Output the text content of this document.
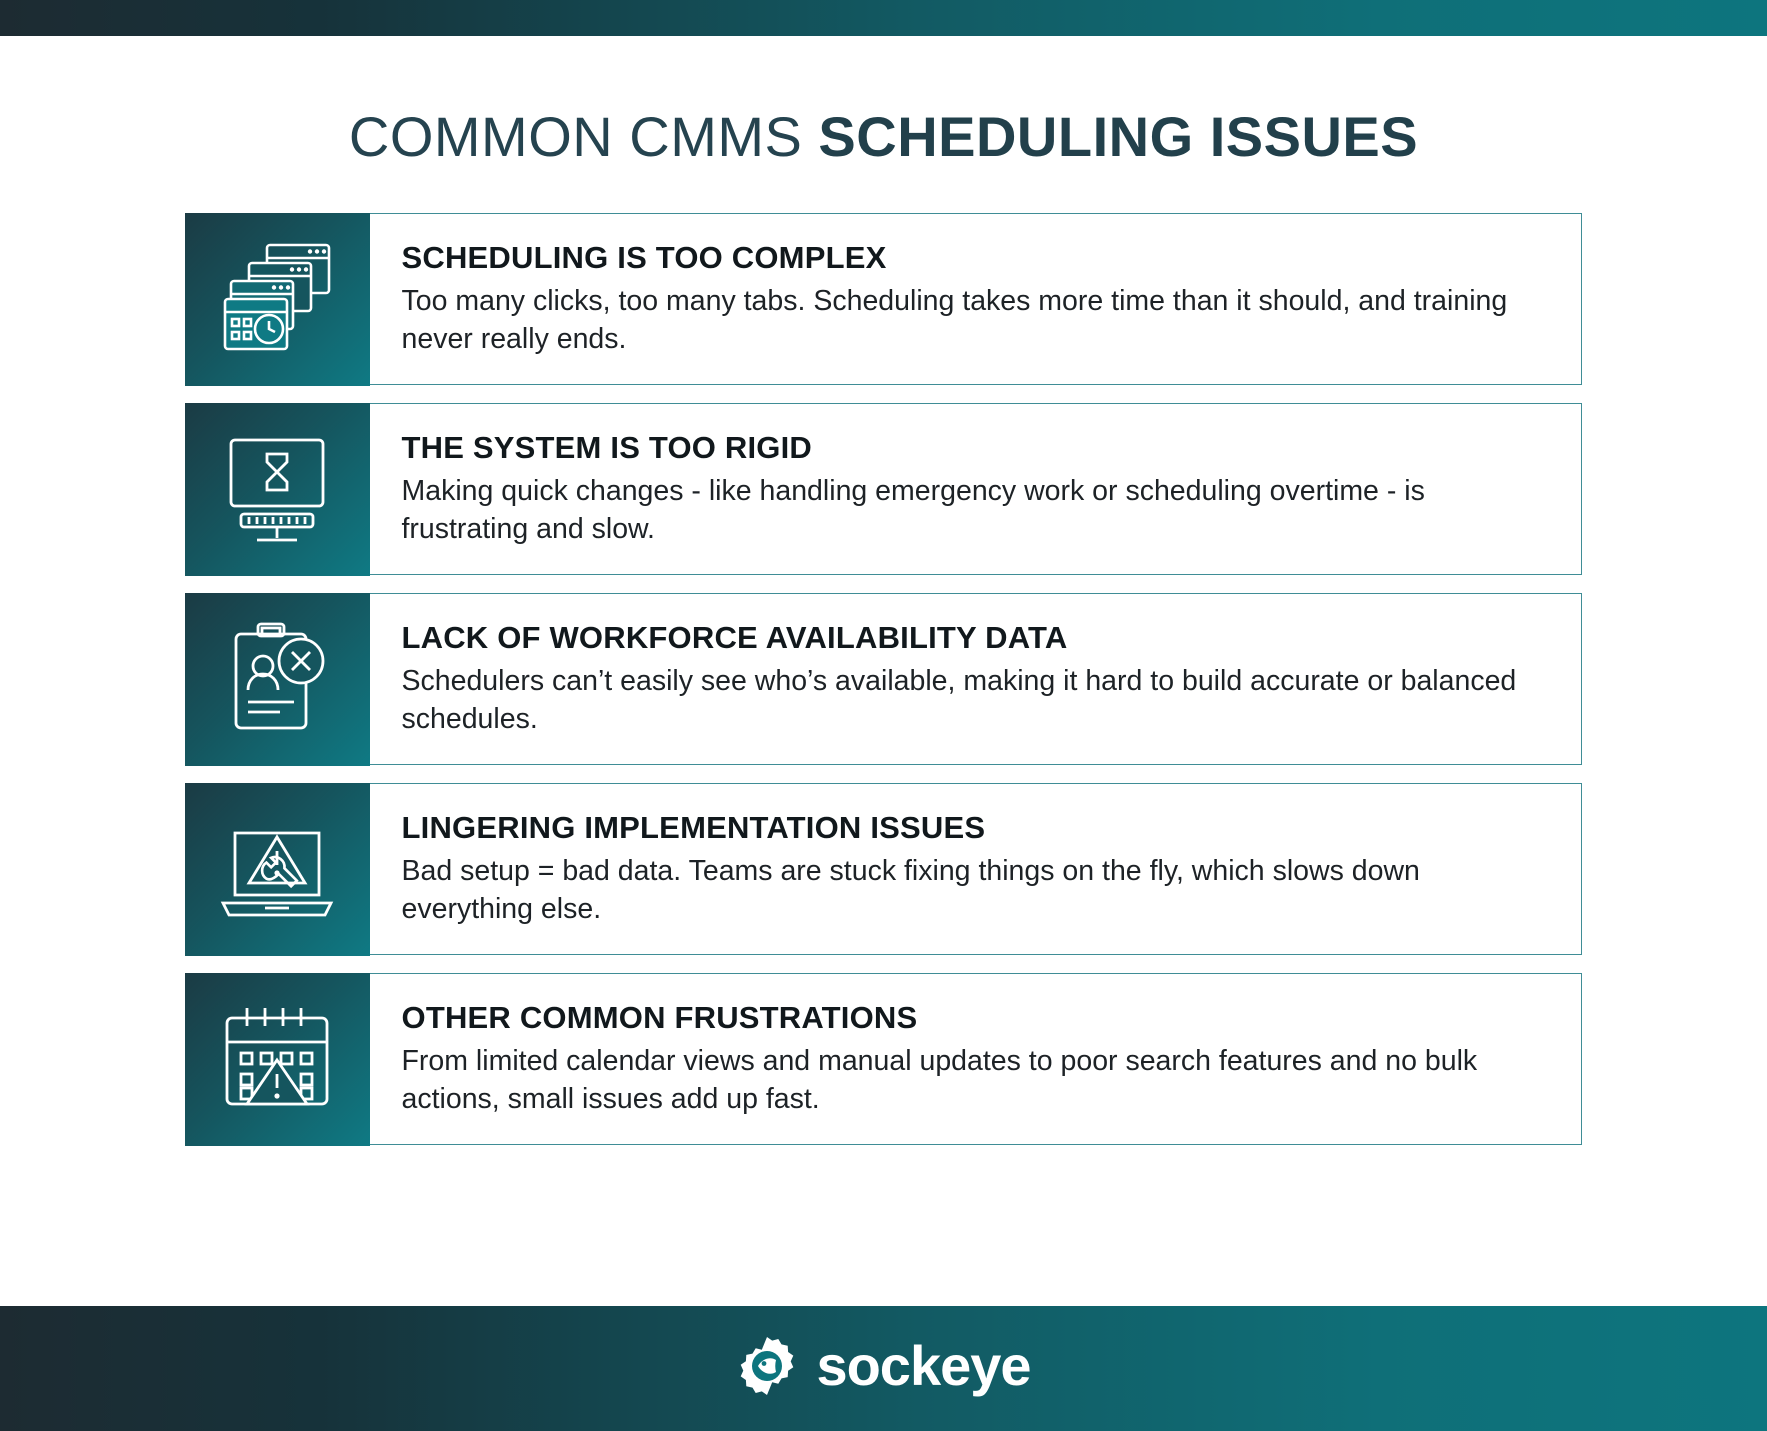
COMMON CMMS SCHEDULING ISSUES
SCHEDULING IS TOO COMPLEX
Too many clicks, too many tabs. Scheduling takes more time than it should, and training never really ends.
THE SYSTEM IS TOO RIGID
Making quick changes - like handling emergency work or scheduling overtime - is frustrating and slow.
LACK OF WORKFORCE AVAILABILITY DATA
Schedulers can’t easily see who’s available, making it hard to build accurate or balanced schedules.
LINGERING IMPLEMENTATION ISSUES
Bad setup = bad data. Teams are stuck fixing things on the fly, which slows down everything else.
OTHER COMMON FRUSTRATIONS
From limited calendar views and manual updates to poor search features and no bulk actions, small issues add up fast.
sockeye
